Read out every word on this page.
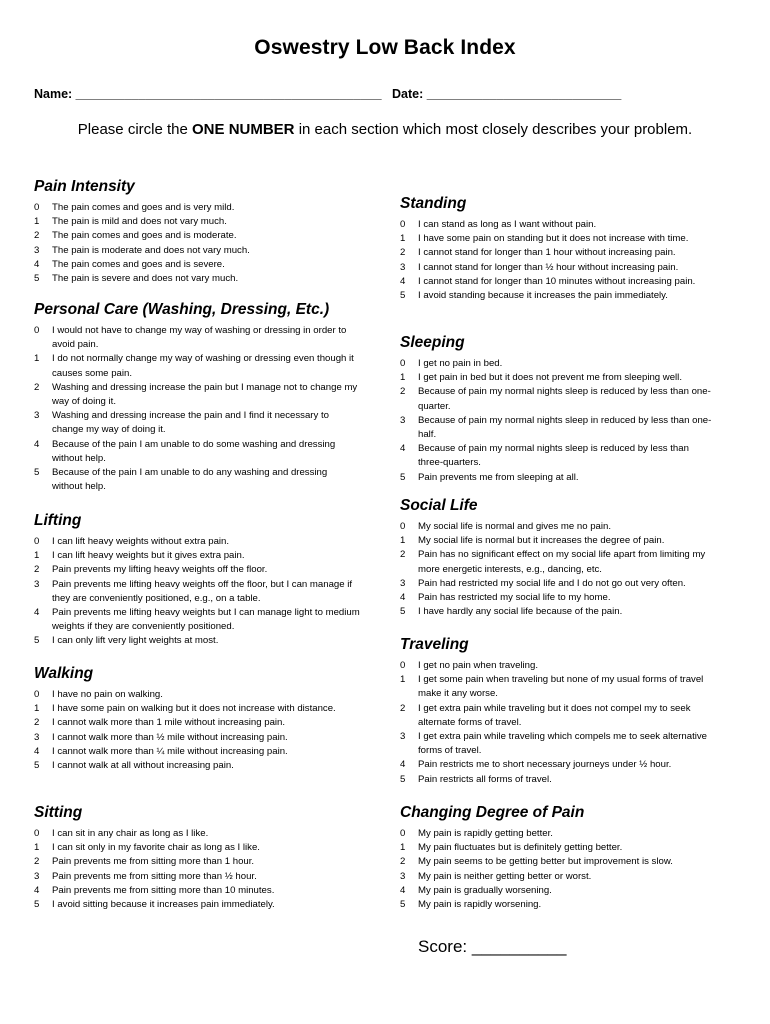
Oswestry Low Back Index
Name: ____________________________________________ Date: ____________________________
Please circle the ONE NUMBER in each section which most closely describes your problem.
Pain Intensity
0	The pain comes and goes and is very mild.
1	The pain is mild and does not vary much.
2	The pain comes and goes and is moderate.
3	The pain is moderate and does not vary much.
4	The pain comes and goes and is severe.
5	The pain is severe and does not vary much.
Personal Care (Washing, Dressing, Etc.)
0	I would not have to change my way of washing or dressing in order to avoid pain.
1	I do not normally change my way of washing or dressing even though it causes some pain.
2	Washing and dressing increase the pain but I manage not to change my way of doing it.
3	Washing and dressing increase the pain and I find it necessary to change my way of doing it.
4	Because of the pain I am unable to do some washing and dressing without help.
5	Because of the pain I am unable to do any washing and dressing without help.
Lifting
0	I can lift heavy weights without extra pain.
1	I can lift heavy weights but it gives extra pain.
2	Pain prevents my lifting heavy weights off the floor.
3	Pain prevents me lifting heavy weights off the floor, but I can manage if they are conveniently positioned, e.g., on a table.
4	Pain prevents me lifting heavy weights but I can manage light to medium weights if they are conveniently positioned.
5	I can only lift very light weights at most.
Walking
0	I have no pain on walking.
1	I have some pain on walking but it does not increase with distance.
2	I cannot walk more than 1 mile without increasing pain.
3	I cannot walk more than ½ mile without increasing pain.
4	I cannot walk more than ¼ mile without increasing pain.
5	I cannot walk at all without increasing pain.
Sitting
0	I can sit in any chair as long as I like.
1	I can sit only in my favorite chair as long as I like.
2	Pain prevents me from sitting more than 1 hour.
3	Pain prevents me from sitting more than ½ hour.
4	Pain prevents me from sitting more than 10 minutes.
5	I avoid sitting because it increases pain immediately.
Standing
0	I can stand as long as I want without pain.
1	I have some pain on standing but it does not increase with time.
2	I cannot stand for longer than 1 hour without increasing pain.
3	I cannot stand for longer than ½ hour without increasing pain.
4	I cannot stand for longer than 10 minutes without increasing pain.
5	I avoid standing because it increases the pain immediately.
Sleeping
0	I get no pain in bed.
1	I get pain in bed but it does not prevent me from sleeping well.
2	Because of pain my normal nights sleep is reduced by less than one-quarter.
3	Because of pain my normal nights sleep in reduced by less than one-half.
4	Because of pain my normal nights sleep is reduced by less than three-quarters.
5	Pain prevents me from sleeping at all.
Social Life
0	My social life is normal and gives me no pain.
1	My social life is normal but it increases the degree of pain.
2	Pain has no significant effect on my social life apart from limiting my more energetic interests, e.g., dancing, etc.
3	Pain had restricted my social life and I do not go out very often.
4	Pain has restricted my social life to my home.
5	I have hardly any social life because of the pain.
Traveling
0	I get no pain when traveling.
1	I get some pain when traveling but none of my usual forms of travel make it any worse.
2	I get extra pain while traveling but it does not compel my to seek alternate forms of travel.
3	I get extra pain while traveling which compels me to seek alternative forms of travel.
4	Pain restricts me to short necessary journeys under ½ hour.
5	Pain restricts all forms of travel.
Changing Degree of Pain
0	My pain is rapidly getting better.
1	My pain fluctuates but is definitely getting better.
2	My pain seems to be getting better but improvement is slow.
3	My pain is neither getting better or worst.
4	My pain is gradually worsening.
5	My pain is rapidly worsening.
Score: __________
